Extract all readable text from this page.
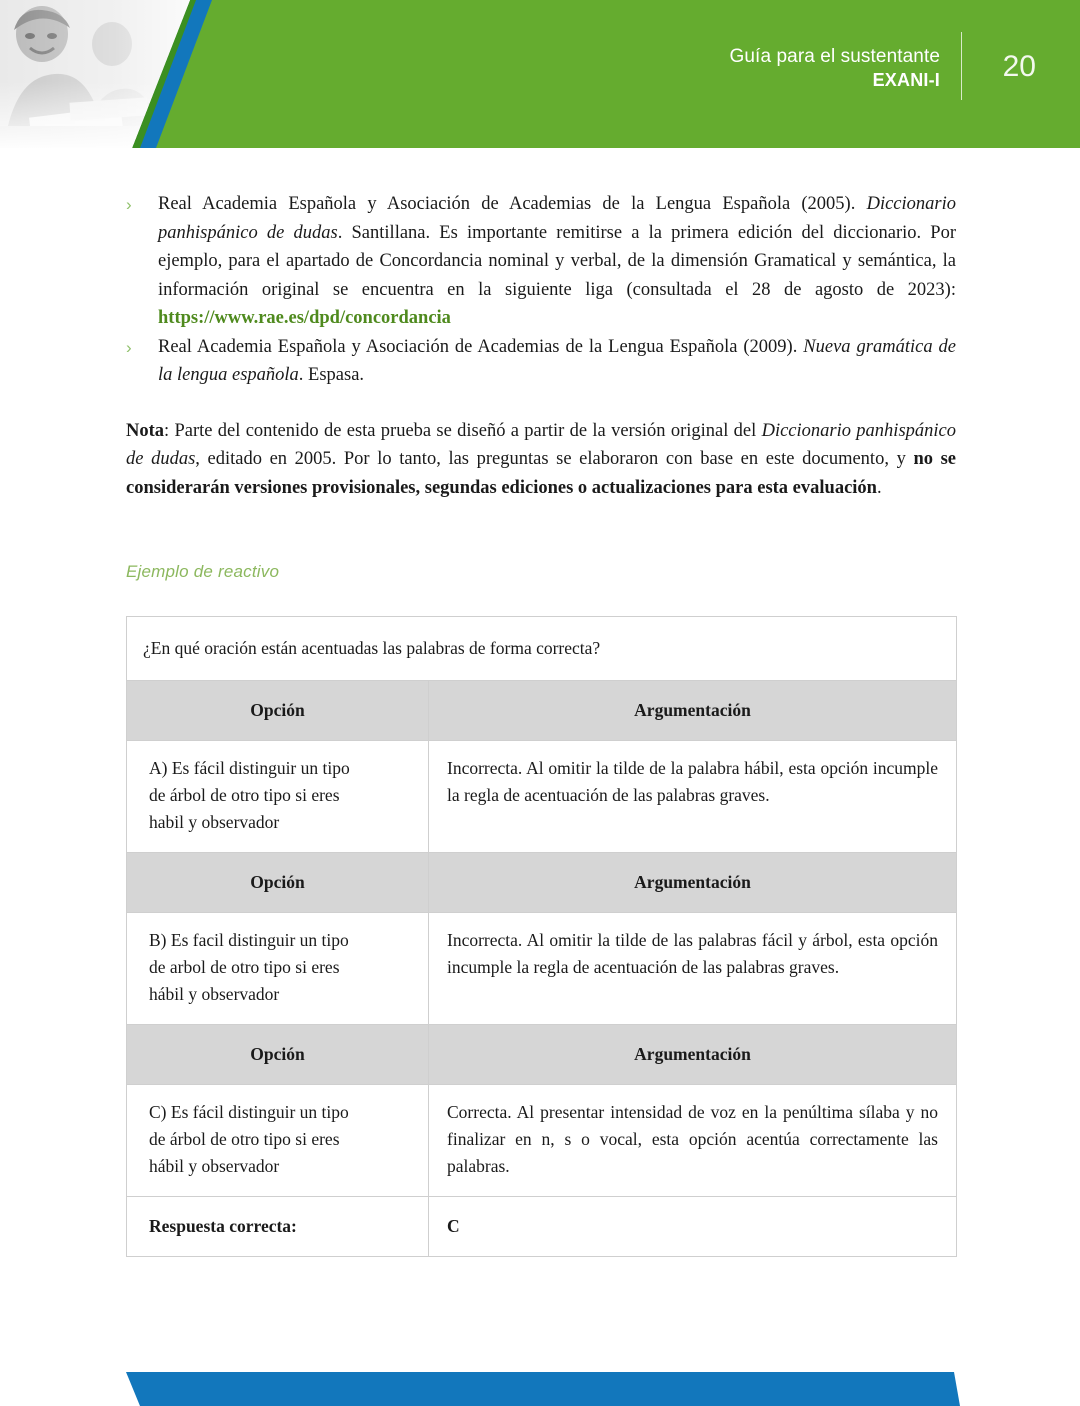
Guía para el sustentante
EXANI-I 20
› Real Academia Española y Asociación de Academias de la Lengua Española (2005). Diccionario panhispánico de dudas. Santillana. Es importante remitirse a la primera edición del diccionario. Por ejemplo, para el apartado de Concordancia nominal y verbal, de la dimensión Gramatical y semántica, la información original se encuentra en la siguiente liga (consultada el 28 de agosto de 2023): https://www.rae.es/dpd/concordancia
› Real Academia Española y Asociación de Academias de la Lengua Española (2009). Nueva gramática de la lengua española. Espasa.
Nota: Parte del contenido de esta prueba se diseñó a partir de la versión original del Diccionario panhispánico de dudas, editado en 2005. Por lo tanto, las preguntas se elaboraron con base en este documento, y no se considerarán versiones provisionales, segundas ediciones o actualizaciones para esta evaluación.
Ejemplo de reactivo
¿En qué oración están acentuadas las palabras de forma correcta?	
Opción	Argumentación

A) Es fácil distinguir un tipo
de árbol de otro tipo si eres
habil y observador	Incorrecta. Al omitir la tilde de la palabra hábil, esta opción incumple la regla de acentuación de las palabras graves.
Opción	Argumentación

B) Es facil distinguir un tipo
de arbol de otro tipo si eres
hábil y observador	Incorrecta. Al omitir la tilde de las palabras fácil y árbol, esta opción incumple la regla de acentuación de las palabras graves.
Opción	Argumentación

C) Es fácil distinguir un tipo
de árbol de otro tipo si eres
hábil y observador	Correcta. Al presentar intensidad de voz en la penúltima sílaba y no finalizar en n, s o vocal, esta opción acentúa correctamente las palabras.
Respuesta correcta:	C
